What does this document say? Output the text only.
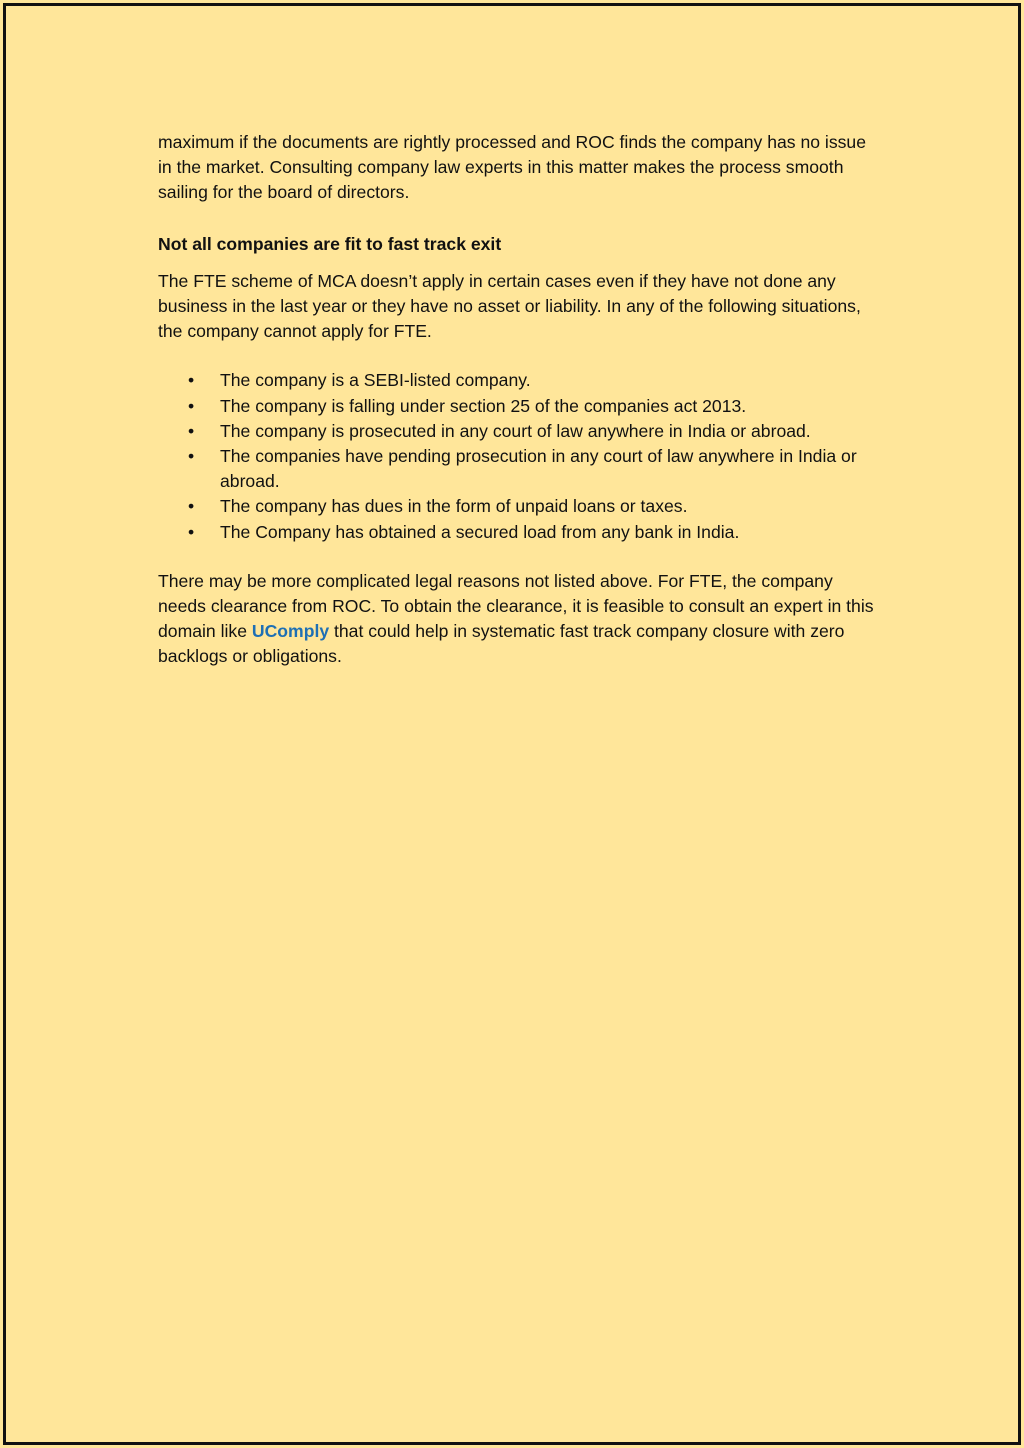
maximum if the documents are rightly processed and ROC finds the company has no issue in the market. Consulting company law experts in this matter makes the process smooth sailing for the board of directors.

Not all companies are fit to fast track exit

The FTE scheme of MCA doesn’t apply in certain cases even if they have not done any business in the last year or they have no asset or liability. In any of the following situations, the company cannot apply for FTE.

• The company is a SEBI-listed company.
• The company is falling under section 25 of the companies act 2013.
• The company is prosecuted in any court of law anywhere in India or abroad.
• The companies have pending prosecution in any court of law anywhere in India or abroad.
• The company has dues in the form of unpaid loans or taxes.
• The Company has obtained a secured load from any bank in India.

There may be more complicated legal reasons not listed above. For FTE, the company needs clearance from ROC. To obtain the clearance, it is feasible to consult an expert in this domain like UComply that could help in systematic fast track company closure with zero backlogs or obligations.
